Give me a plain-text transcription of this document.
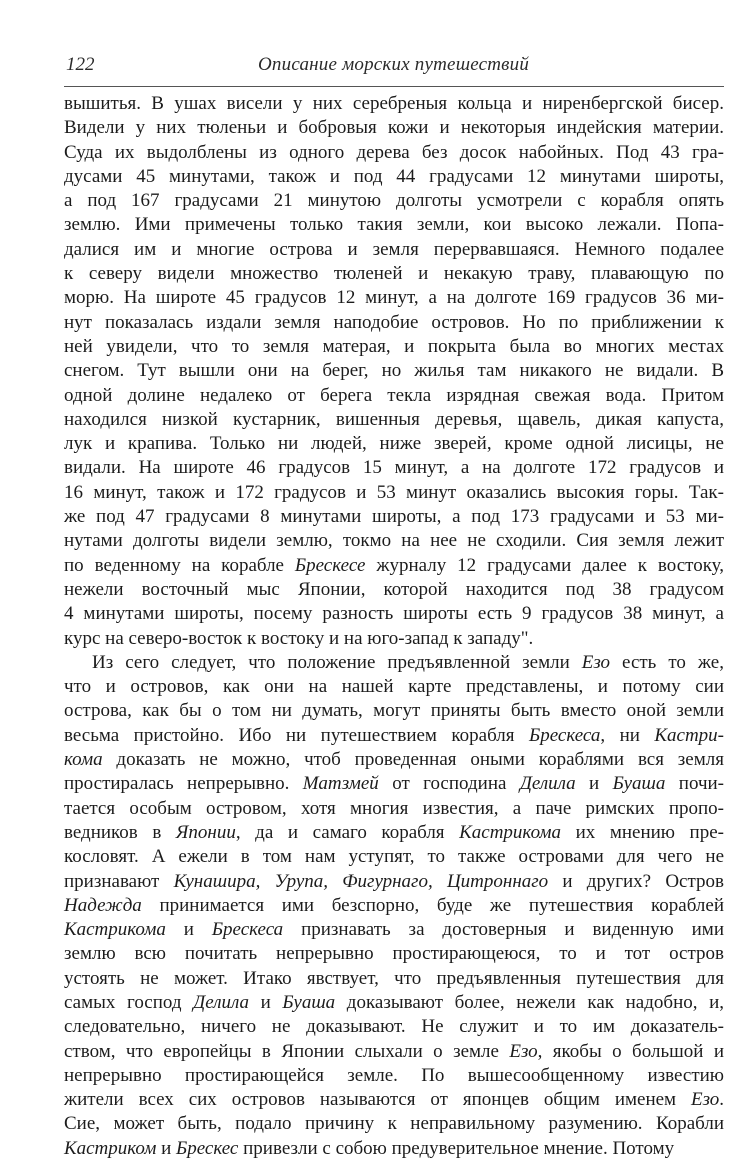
122	Описание морских путешествий

вышитья. В ушах висели у них серебреныя кольца и ниренбергской бисер.
Видели у них тюленьи и бобровыя кожи и некоторыя индейския материи.
Суда их выдолблены из одного дерева без досок набойных. Под 43 гра-
дусами 45 минутами, також и под 44 градусами 12 минутами широты,
а под 167 градусами 21 минутою долготы усмотрели с корабля опять
землю. Ими примечены только такия земли, кои высоко лежали. Попа-
далися им и многие острова и земля перервавшаяся. Немного подалее
к северу видели множество тюленей и некакую траву, плавающую по
морю. На широте 45 градусов 12 минут, а на долготе 169 градусов 36 ми-
нут показалась издали земля наподобие островов. Но по приближении к
ней увидели, что то земля матерая, и покрыта была во многих местах
снегом. Тут вышли они на берег, но жилья там никакого не видали. В
одной долине недалеко от берега текла изрядная свежая вода. Притом
находился низкой кустарник, вишенныя деревья, щавель, дикая капуста,
лук и крапива. Только ни людей, ниже зверей, кроме одной лисицы, не
видали. На широте 46 градусов 15 минут, а на долготе 172 градусов и
16 минут, також и 172 градусов и 53 минут оказались высокия горы. Так-
же под 47 градусами 8 минутами широты, а под 173 градусами и 53 ми-
нутами долготы видели землю, токмо на нее не сходили. Сия земля лежит
по веденному на корабле Брескесе журналу 12 градусами далее к востоку,
нежели восточный мыс Японии, которой находится под 38 градусом
4 минутами широты, посему разность широты есть 9 градусов 38 минут, а
курс на северо-восток к востоку и на юго-запад к западу".

Из сего следует, что положение предъявленной земли Езо есть то же,
что и островов, как они на нашей карте представлены, и потому сии
острова, как бы о том ни думать, могут приняты быть вместо оной земли
весьма пристойно. Ибо ни путешествием корабля Брескеса, ни Кастри-
кома доказать не можно, чтоб проведенная оными кораблями вся земля
простиралась непрерывно. Матзмей от господина Делила и Буаша почи-
тается особым островом, хотя многия известия, а паче римских пропо-
ведников в Японии, да и самаго корабля Кастрикома их мнению пре-
кословят. А ежели в том нам уступят, то также островами для чего не
признавают Кунашира, Урупа, Фигурнаго, Цитроннаго и других? Остров
Надежда принимается ими безспорно, буде же путешествия кораблей
Кастрикома и Брескеса признавать за достоверныя и виденную ими
землю всю почитать непрерывно простирающеюся, то и тот остров
устоять не может. Итако явствует, что предъявленныя путешествия для
самых господ Делила и Буаша доказывают более, нежели как надобно, и,
следовательно, ничего не доказывают. Не служит и то им доказатель-
ством, что европейцы в Японии слыхали о земле Езо, якобы о большой и
непрерывно простирающейся земле. По вышесообщенному известию
жители всех сих островов называются от японцев общим именем Езо.
Сие, может быть, подало причину к неправильному разумению. Корабли
Кастриком и Брескес привезли с собою предуверительное мнение. Потому
